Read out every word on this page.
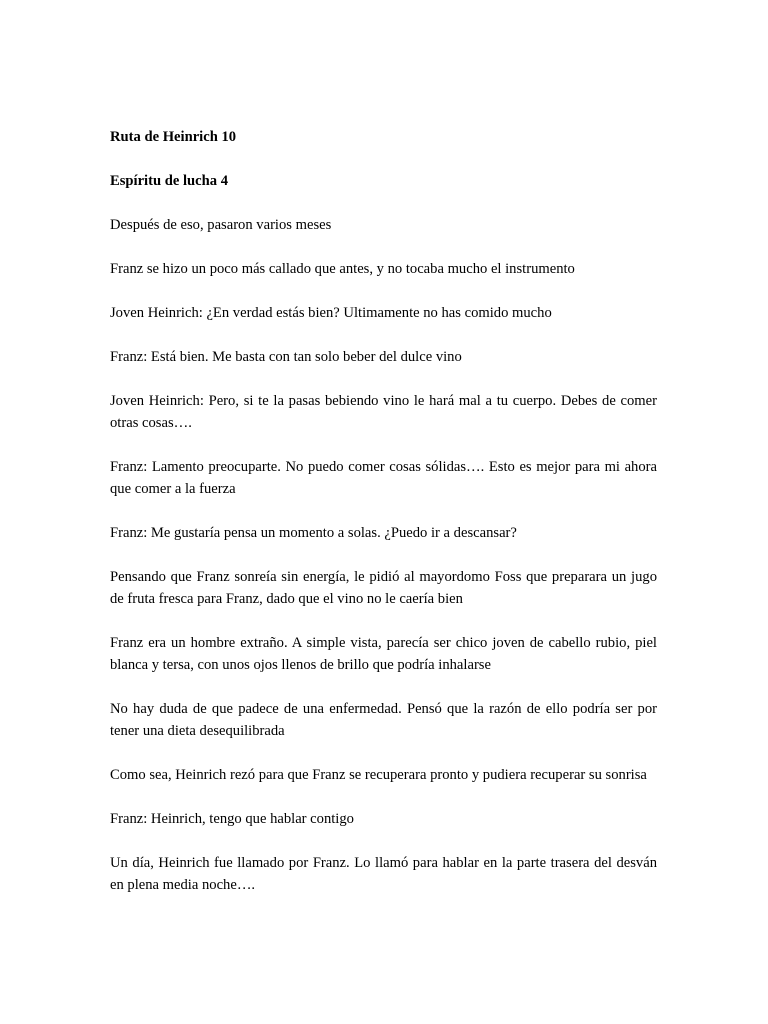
Ruta de Heinrich 10

Espíritu de lucha 4

Después de eso, pasaron varios meses

Franz se hizo un poco más callado que antes, y no tocaba mucho el instrumento

Joven Heinrich: ¿En verdad estás bien? Ultimamente no has comido mucho

Franz: Está bien. Me basta con tan solo beber del dulce vino

Joven Heinrich: Pero, si te la pasas bebiendo vino le hará mal a tu cuerpo. Debes de comer otras cosas….

Franz: Lamento preocuparte. No puedo comer cosas sólidas…. Esto es mejor para mi ahora que comer a la fuerza

Franz: Me gustaría pensa un momento a solas. ¿Puedo ir a descansar?

Pensando que Franz sonreía sin energía, le pidió al mayordomo Foss que preparara un jugo de fruta fresca para Franz, dado que el vino no le caería bien

Franz era un hombre extraño. A simple vista, parecía ser chico joven de cabello rubio, piel blanca y tersa, con unos ojos llenos de brillo que podría inhalarse

No hay duda de que padece de una enfermedad. Pensó que la razón de ello podría ser por tener una dieta desequilibrada

Como sea, Heinrich rezó para que Franz se recuperara pronto y pudiera recuperar su sonrisa

Franz: Heinrich, tengo que hablar contigo

Un día, Heinrich fue llamado por Franz. Lo llamó para hablar en la parte trasera del desván en plena media noche….
